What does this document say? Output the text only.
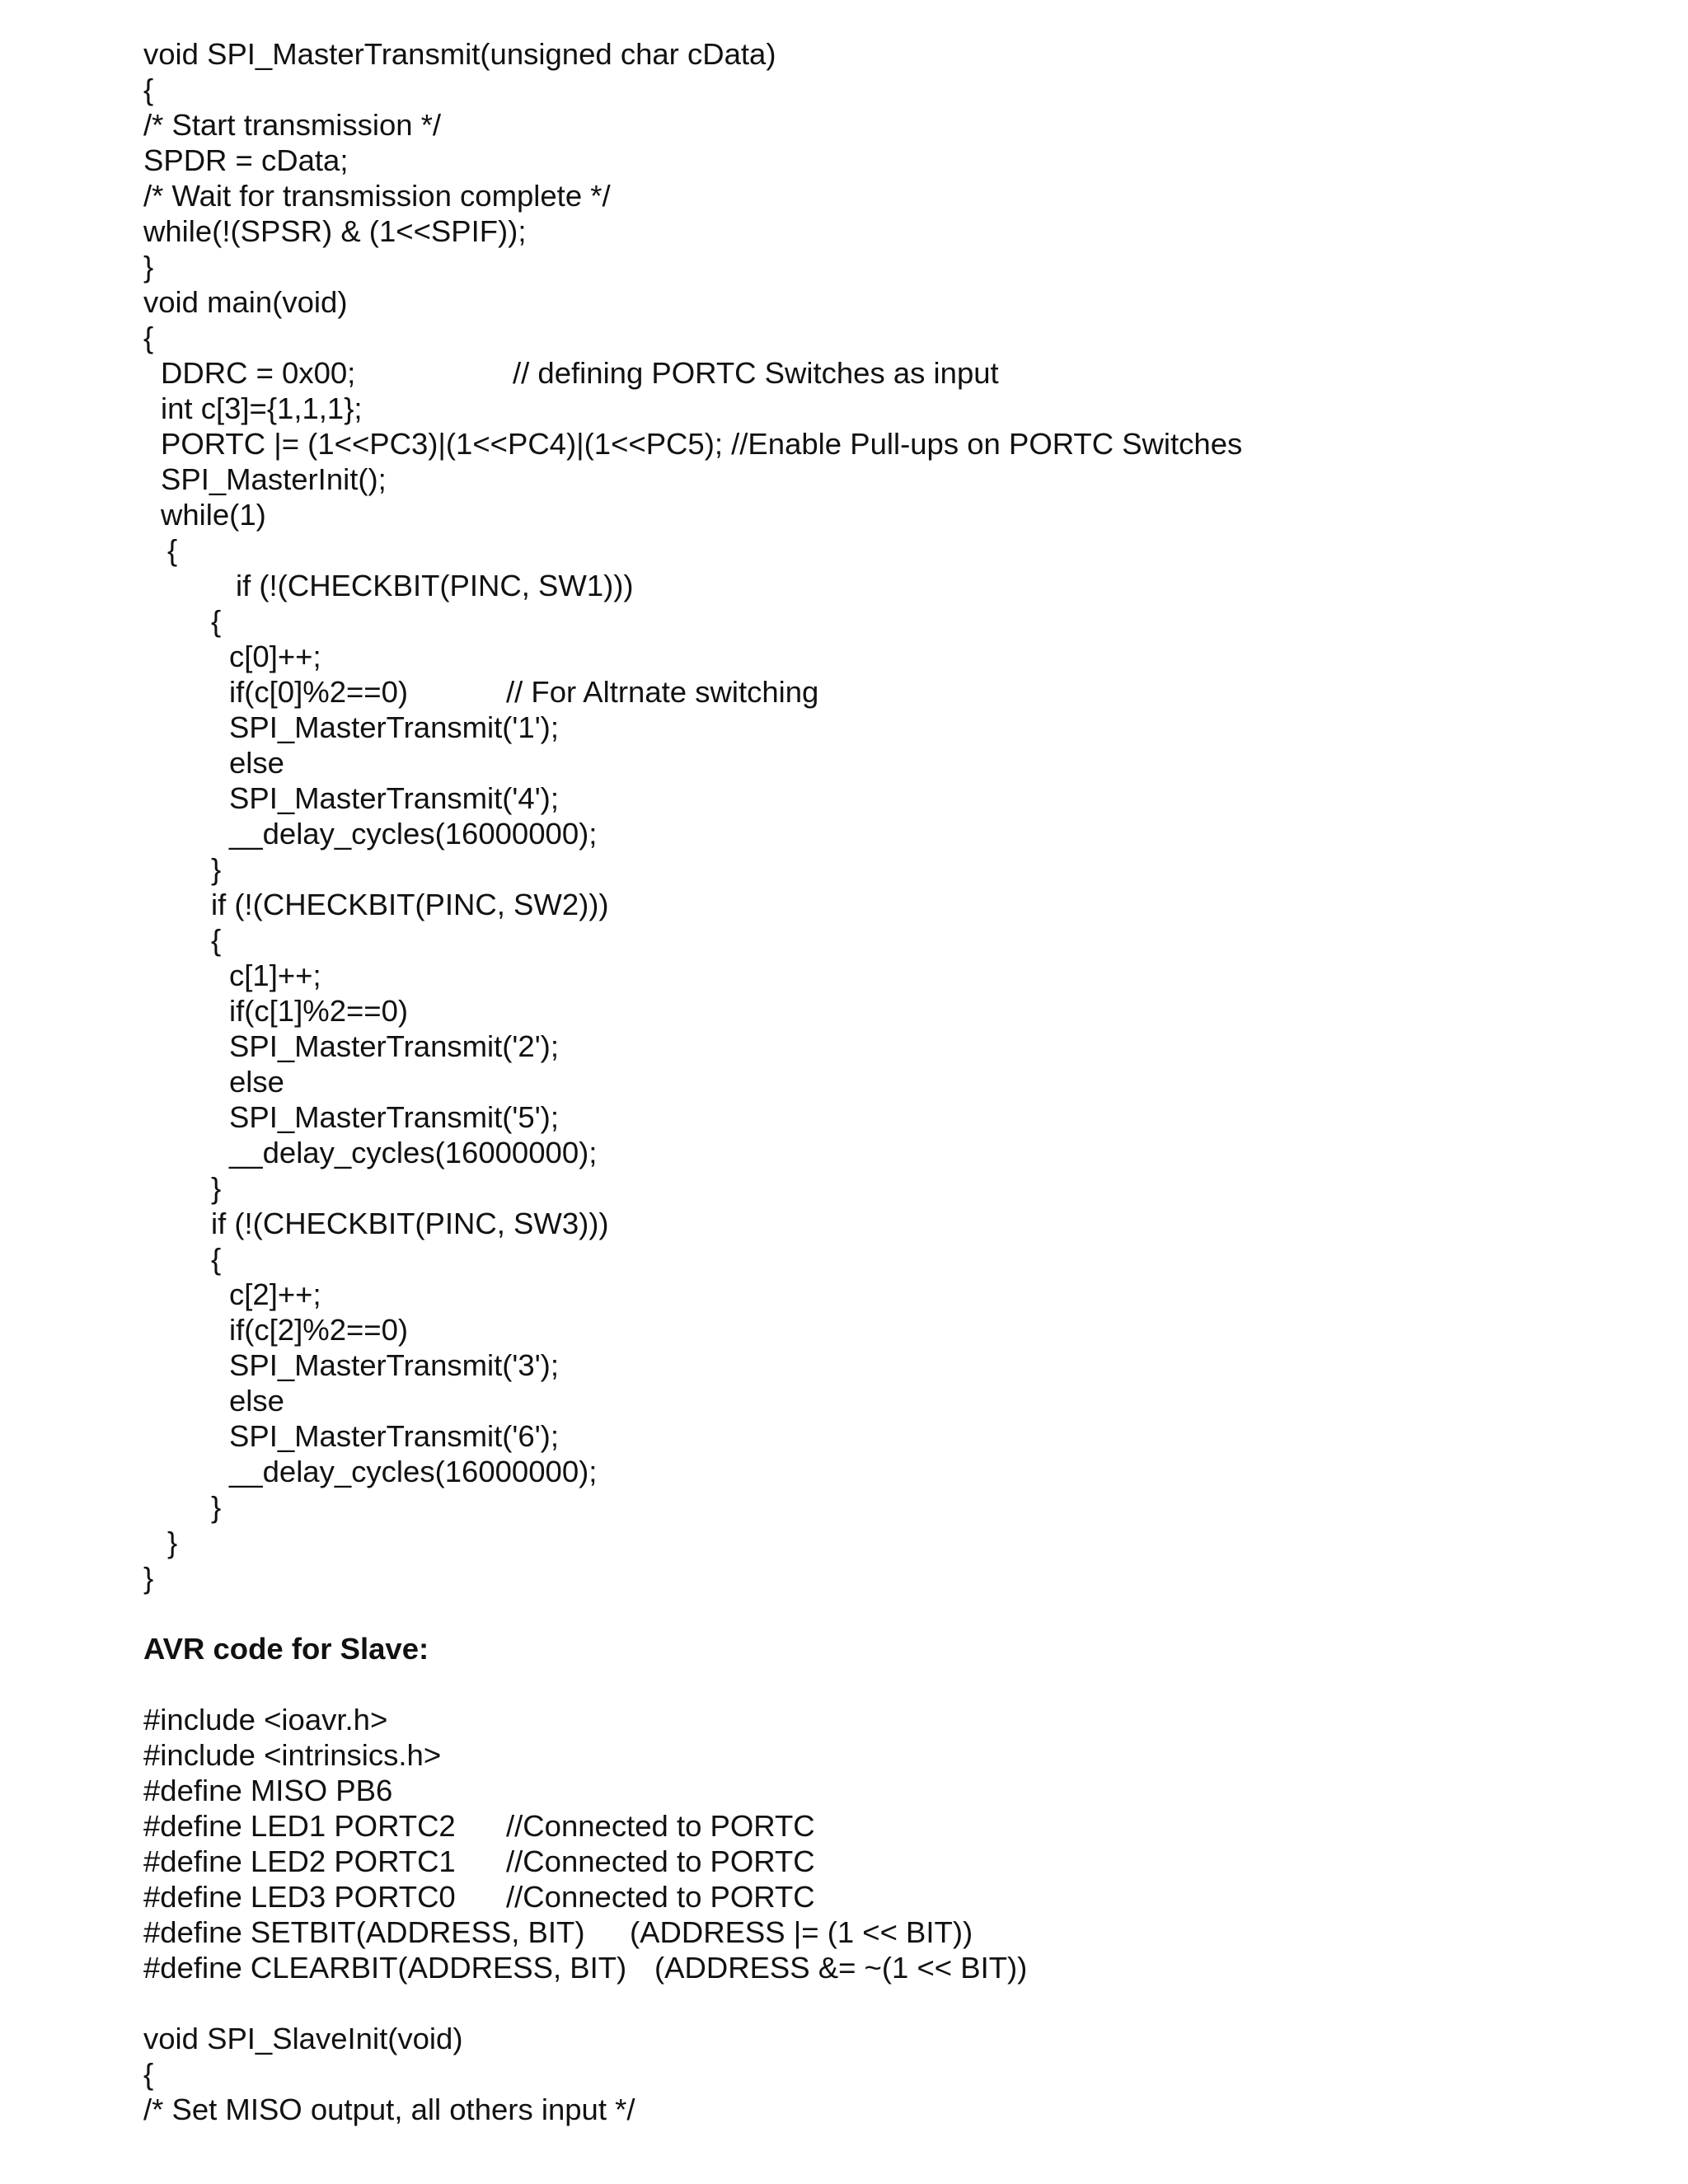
void SPI_MasterTransmit(unsigned char cData)
{
/* Start transmission */
SPDR = cData;
/* Wait for transmission complete */
while(!(SPSR) & (1<<SPIF));
}
void main(void)
{
DDRC = 0x00;	// defining PORTC Switches as input
int c[3]={1,1,1};
PORTC |= (1<<PC3)|(1<<PC4)|(1<<PC5); //Enable Pull-ups on PORTC Switches
SPI_MasterInit();
while(1)
{
if (!(CHECKBIT(PINC, SW1)))
{
c[0]++;
if(c[0]%2==0)	// For Altrnate switching
SPI_MasterTransmit('1');
else
SPI_MasterTransmit('4');
__delay_cycles(16000000);
}
if (!(CHECKBIT(PINC, SW2)))
{
c[1]++;
if(c[1]%2==0)
SPI_MasterTransmit('2');
else
SPI_MasterTransmit('5');
__delay_cycles(16000000);
}
if (!(CHECKBIT(PINC, SW3)))
{
c[2]++;
if(c[2]%2==0)
SPI_MasterTransmit('3');
else
SPI_MasterTransmit('6');
__delay_cycles(16000000);
}
}
}
AVR code for Slave:
#include <ioavr.h>
#include <intrinsics.h>
#define MISO PB6
#define LED1 PORTC2 //Connected to PORTC
#define LED2 PORTC1 //Connected to PORTC
#define LED3 PORTC0 //Connected to PORTC
#define SETBIT(ADDRESS, BIT) (ADDRESS |= (1 << BIT))
#define CLEARBIT(ADDRESS, BIT) (ADDRESS &= ~(1 << BIT))
void SPI_SlaveInit(void)
{
/* Set MISO output, all others input */
